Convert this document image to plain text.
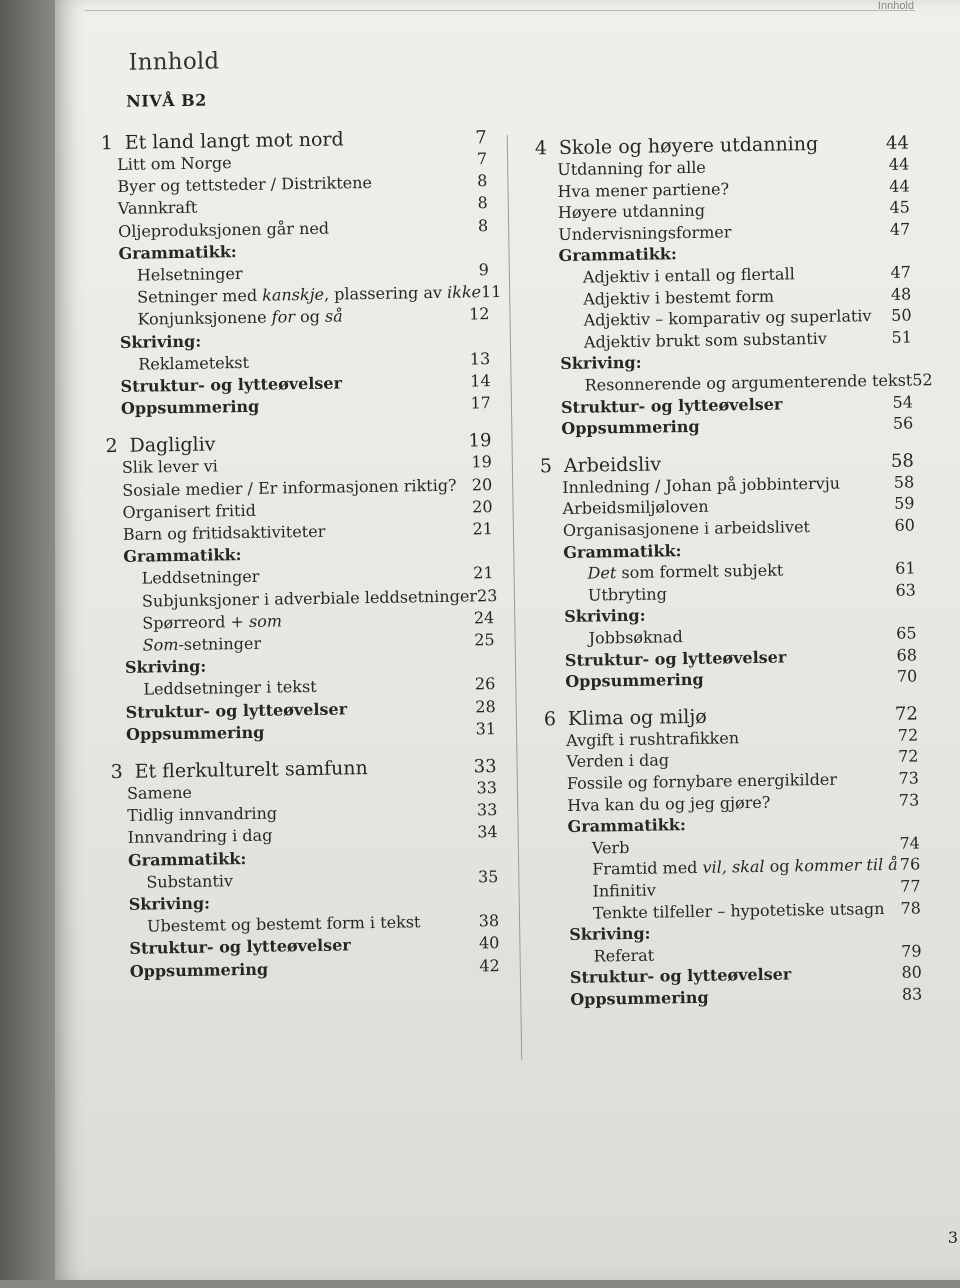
Innhold
3
Innhold
NIVÅ B2
1 Et land langt mot nord	7
Litt om Norge	7
Byer og tettsteder / Distriktene	8
Vannkraft	8
Oljeproduksjonen går ned	8
Grammatikk:
Helsetninger	9
Setninger med kanskje, plassering av ikke 11
Konjunksjonene for og så	12
Skriving:
Reklametekst	13
Struktur- og lytteøvelser	14
Oppsummering	17
2 Dagligliv	19
Slik lever vi	19
Sosiale medier / Er informasjonen riktig? 20
Organisert fritid	20
Barn og fritidsaktiviteter	21
Grammatikk:
Leddsetninger	21
Subjunksjoner i adverbiale leddsetninger 23
Spørreord + som	24
Som-setninger	25
Skriving:
Leddsetninger i tekst	26
Struktur- og lytteøvelser	28
Oppsummering	31
3 Et flerkulturelt samfunn	33
Samene	33
Tidlig innvandring	33
Innvandring i dag	34
Grammatikk:
Substantiv	35
Skriving:
Ubestemt og bestemt form i tekst	38
Struktur- og lytteøvelser	40
Oppsummering	42
4 Skole og høyere utdanning	44
Utdanning for alle	44
Hva mener partiene?	44
Høyere utdanning	45
Undervisningsformer	47
Grammatikk:
Adjektiv i entall og flertall	47
Adjektiv i bestemt form	48
Adjektiv – komparativ og superlativ 50
Adjektiv brukt som substantiv	51
Skriving:
Resonnerende og argumenterende tekst 52
Struktur- og lytteøvelser	54
Oppsummering	56
5 Arbeidsliv	58
Innledning / Johan på jobbintervju	58
Arbeidsmiljøloven	59
Organisasjonene i arbeidslivet	60
Grammatikk:
Det som formelt subjekt	61
Utbryting	63
Skriving:
Jobbsøknad	65
Struktur- og lytteøvelser	68
Oppsummering	70
6 Klima og miljø	72
Avgift i rushtrafikken	72
Verden i dag	72
Fossile og fornybare energikilder	73
Hva kan du og jeg gjøre?	73
Grammatikk:
Verb	74
Framtid med vil, skal og kommer til å 76
Infinitiv	77
Tenkte tilfeller – hypotetiske utsagn 78
Skriving:
Referat	79
Struktur- og lytteøvelser	80
Oppsummering	83
